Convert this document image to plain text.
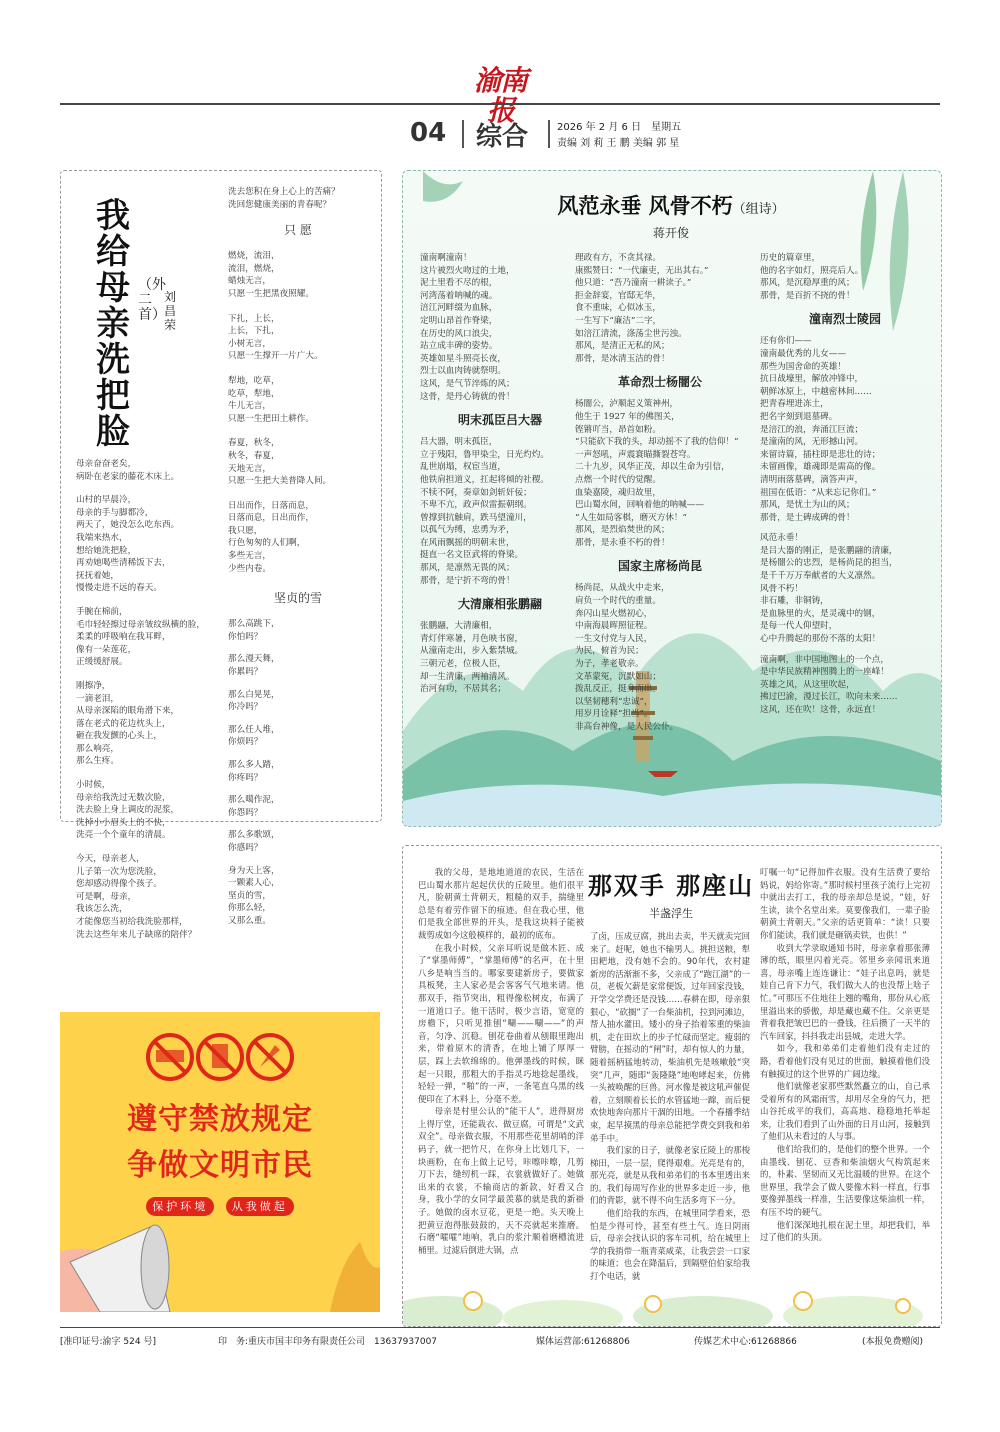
渝南报
04 综合	2026 年 2 月 6 日　星期五
责编 刘 莉 王 鹏 美编 郭 星
我给母亲洗把脸
（外二首）
刘昌荣
母亲奋奋老矣，
病卧在老家的藤花木床上。
山村的早晨冷，
母亲的手与脚都冷，
两天了，她没怎么吃东西。
我端来热水，
想给她洗把脸，
再劝她喝些清稀饭下去，
抚抚着她，
慢慢走进不远的春天。
手腕在棉前，
毛巾轻轻擦过母亲皱纹纵横的脸，
柔柔的呼吸响在我耳畔，
像有一朵莲花，
正缓缓舒展。
刚擦净，
一滴老泪，
从母亲深陷的眼角滑下来，
落在老式的花边枕头上，
砸在我发颤的心头上，
那么响亮，
那么生疼。
小时候，
母亲给我洗过无数次脸，
洗去脸上身上调皮的泥浆，
洗掉小小眉头上的不快，
洗亮一个个童年的清晨。
今天，母亲老人，
儿子第一次为您洗脸，
您却感动得像个孩子。
可是啊，母亲，
我该怎么洗，
才能像您当初给我洗脸那样，
洗去这些年来儿子缺席的陪伴？
洗去您积在身上心上的苦痛？
洗回您健康美丽的青春呢？
只 愿
燃烧，流泪，
流泪，燃烧，
蜡烛无言，
只愿一生把黑夜照耀。
下扎，上长，
上长，下扎，
小树无言，
只愿一生撑开一片广大。
犁地，吃草，
吃草，犁地，
牛儿无言，
只愿一生把田土耕作。
春夏，秋冬，
秋冬，春夏，
天地无言，
只愿一生把大美普降人间。
日出而作，日落而息，
日落而息，日出而作，
我只愿，
行色匆匆的人们啊，
多些无言，
少些内卷。
坚贞的雪
那么高跳下，
你怕吗？
那么漫天舞，
你累吗？
那么白晃晃，
你冷吗？
那么任人堆，
你烦吗？
那么多人踏，
你疼吗？
那么噶作泥，
你怨吗？
那么多歌颂，
你感吗？
身为天上客，
一颗素人心，
坚贞的雪，
你那么轻，
又那么重。
风范永垂 风骨不朽（组诗）
蒋开俊
潼南啊潼南！
这片被烈火吻过的土地，
泥土里看不尽的根，
河湾荡着呐喊的魂。
涪江河畔缀为血脉，
定明山昂首作脊梁，
在历史的风口浪尖，
站立成丰碑的姿势。
英雄如星斗照亮长夜，
烈士以血肉铸就祭明。
这风，是气节淬炼的风；
这骨，是丹心铸就的骨！
明末孤臣吕大器
吕大器，明末孤臣，
立于残阳，鲁甲染尘，日光灼灼。
乱世崩塌，权宦当道，
他铁肩担道义，扛起将倾的社稷。
不犊不阿，奏章如剑斩奸佞；
不卑不亢，政声似雷振朝纲。
曾撑到抗触肩，跌马望潼川，
以孤气为缚，忠勇为矛，
在风雨飘摇的明朝末世，
挺直一名文臣武将的脊梁。
那风，是凛然无畏的风；
那骨，是宁折不弯的骨！
大清廉相张鹏翮
张鹏翮，大清廉相，
青灯伴寒暑，月色映书窗，
从潼南走出，步入紫禁城。
三朝元老，位极人臣，
却一生清廉，两袖清风。
治河有功，不居其名；
理政有方，不贪其禄。
康熙赞曰：“一代廉吏，无出其右。”
他只道：“吾乃潼南一耕读子。”
拒金辞宴，官邸无华，
食不重味，心似冰玉，
一生写下“廉洁”二字，
如涪江清流，涤荡尘世污浊。
那风，是清正无私的风；
那骨，是冰清玉洁的骨！
革命烈士杨闇公
杨闇公，泸顺起义策神州，
他生于 1927 年的佛图关，
铿锵吖当，昂首如粉。
“只能砍下我的头，却动摇不了我的信仰！”
一声怒吼，声震寰瞄撕裂苍穹。
二十九岁，风华正茂，却以生命为引信，
点燃一个时代的觉醒。
血染嘉陵，魂归故里，
巴山蜀水间，回响着他的呐喊——
“人生如局客棋，磨灭方休！”
那风，是烈焰焚世的风；
那骨，是永垂不朽的骨！
国家主席杨尚昆
杨尚昆，从战火中走来，
肩负一个时代的重量。
奔闪山星火燃初心，
中南海晨晖照征程。
一生文付党与人民，
为民，俯首为民；
为子，孝老敬亲。
文革蒙冤，沉默如山；
拨乱反正，挺身而出。
以坚韧穗利“忠诚”，
用岁月诠释“担当”。
非高台神像，是人民公仆。
历史的篇章里，
他的名字如灯，照亮后人。
那风，是沉稳厚重的风；
那骨，是百折不挠的骨！
潼南烈士陵园
还有你们——
潼南最优秀的儿女——
那些为国舍命的英雄！
抗日战壕里，解放冲锋中，
朝鲜冰原上，中越密林间……
把青春埋进冻土，
把名字刻到退墓碑。
是涪江的浪，奔涌江巨流；
是潼南的风，无形撼山河。
来留诗篇，插柱即是悲壮的诗；
未留画像，雄魂即是需高的像。
清明雨落墓碑，滴答声声，
祖国在低语：“从来忘记你们。”
那风，是忧土为山的风；
那骨，是土碑成碑的骨！
风范永垂！
是吕大器的刚正，是张鹏翮的清廉，
是杨闇公的忠烈，是杨尚昆的担当，
是千千万万奉献者的大义凛然。
风骨不朽！
非石雕，非铜铸，
是血脉里的火，是灵魂中的钢，
是每一代人仰望时，
心中升腾起的那份不落的太阳！
潼南啊，非中国地图上的一个点，
是中华民族精神图腾上的一座峰！
英雄之风，从这里吹起，
拂过巴渝，漫过长江，吹向未来……
这风，还在吹！这骨，永远直！
遵守禁放规定
争做文明市民
保护环境 从我做起
那双手 那座山
半盏浮生

我的父母，是地地道道的农民，生活在巴山蜀水那片起起伏伏的丘陵里。他们很平凡，脸朝黄土背朝天，粗糙的双手，揣缝里总是有着劳作留下的痕迹。但在我心里，他们是我全部世界的开头，是我这块料子能被裁剪成如今这般模样的，最初的底布。

在我小时候，父亲耳听说是做木匠、成了“掌墨师傅”，“掌墨师傅”的名声，在十里八乡是响当当的。哪家要建新房子，要做家具板凳，主人家必是会客客气气地来请。他那双手，指节突出，粗得像松树皮，布满了一道道口子。他干活时，极少言语，宽宽的房檐下，只听见推刨“唰——唰——”的声音，匀净、沉稳。刨花卷曲着从刨眼里跑出来，带着原木的清香，在地上铺了厚厚一层，踩上去软绵绵的。他弹墨线的时候，眯起一只眼，那粗大的手指灵巧地捻起墨线，轻轻一弹，“啪”的一声，一条笔直乌黑的线便印在了木料上，分毫不差。

母亲是村里公认的“能干人”，进得厨房上得厅堂，还能栽衣、做豆腐，可谓是“文武双全”。母亲做衣服，不用那些花里胡哨的洋码子，就一把竹尺，在你身上比划几下，一块画粉，在布上做上记号，咔嚓咔嚓，几剪刀下去，缝纫机一踩，衣裳就做好了。她做出来的衣裳，不输商店的新款，好看又合身，我小学的女同学最羡慕的就是我的新褂子。她做的卤水豆花，更是一绝。头天晚上把黄豆泡得胀鼓鼓的，天不亮就起来推磨。石磨“嚯嚯”地响，乳白的浆汁顺着磨槽流进桶里。过滤后倒进大锅，点

了卤，压成豆腐，挑出去卖，半天就卖完回来了。赶呢，她也不输男人。挑担送粮，犁田耙地，没有她不会的。90年代，农村建新房的活渐渐不多，父亲成了“跑江湖”的一员，老板欠薪是家常便饭，过年回家没钱，开学交学费还是没钱……春耕在即，母亲狠狠心，“砍搁”了一台柴油机，拉到河滩边，帮人抽水灌田。矮小的身子抬着笨重的柴油机，走在田坎上的步子忙碌而坚定。瘦弱的臂膀，在摇动的“闸”时，却有惊人的力量，随着摇柄猛地转动，柴油机先是咳嗽般“突突”几声，随即“轰隆隆”地咆哮起来，仿佛一头被唤醒的巨兽。河水像是被这吼声催促着，立刻顺着长长的水管猛地一蹿，而后便欢快地奔向那片干涸的田地。一个春播季结束，起早摸黑的母亲总能把学费交到我和弟弟手中。

我们家的日子，就像老家丘陵上的那梭梯田，一层一层，爬得艰难。光亮是有的，那光亮，就是从我和弟弟们的书本里透出来的。我们每周写作业的世界多走近一步，他们的背影，就不得不向生活多弯下一分。

他们给我的东西，在城里同学看来，恐怕是少得可怜，甚至有些土气。连日阴雨后，母亲会找认识的客车司机，给在城里上学的我捎带一瓶青菜咸菜，让我尝尝一口家的味道；也会在降温后，到隔壁伯伯家给我打个电话，就

叮嘱一句“记得加件衣服。没有生活费了要给妈说，妈给你寄。”那时候村里孩子流行上完初中就出去打工，我的母亲却总是说，“娃，好生读，读个名堂出来。莫要像我们，一辈子脸朝黄土背朝天。”父亲的话更简单：“读！只要你们能读，我们就是砸锅卖铁，也供！”

收到大学录取通知书时，母亲拿着那张薄薄的纸，眼里闪着光亮。邻里乡亲闻讯来道喜，母亲嘴上连连谦让：“娃子出息吗，就是娃自己肯下力气，我们做大人的也没帮上啥子忙。”可那压不住地往上翘的嘴角，那份从心底里溢出来的骄傲，却是藏也藏不住。父亲更是背着我把皱巴巴的一叠钱，往后攒了一天半的汽车回家，抖抖我走出县城，走进大学。

如今，我和弟弟们走着他们没有走过的路，看着他们没有见过的世面，触摸着他们没有触摸过的这个世界的广阔边缘。

他们就像老家那些默然矗立的山，自己承受着所有的风霜雨雪，却用尽全身的气力，把山谷托成平的我们，高高地、稳稳地托举起来，让我们看到了山外面的日月山河，接触到了他们从未看过的人与事。

他们给我们的，是他们的整个世界。一个由墨线、刨花、豆香和柴油烟火气构筑起来的，朴素、坚韧而又无比温暖的世界。在这个世界里，我学会了做人要像木料一样直，行事要像弹墨线一样准，生活要像这柴油机一样，有压不垮的硬气。

他们深深地扎根在泥土里，却把我们，举过了他们的头顶。

[准印证号:渝字 524 号]	印　务:重庆市国丰印务有限责任公司　13637937007	媒体运营部:61268806	传媒艺术中心:61268866	(本报免费赠阅)
